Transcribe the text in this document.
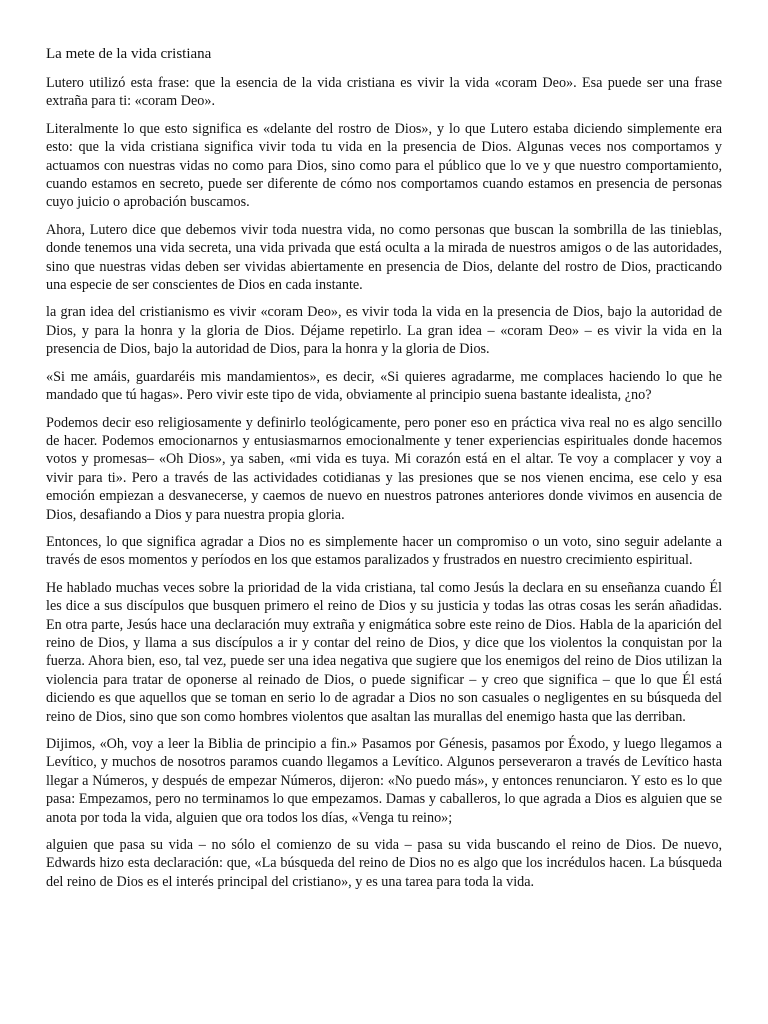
La mete de la vida cristiana

Lutero utilizó esta frase: que la esencia de la vida cristiana es vivir la vida «coram Deo». Esa puede ser una frase extraña para ti: «coram Deo».

Literalmente lo que esto significa es «delante del rostro de Dios», y lo que Lutero estaba diciendo simplemente era esto: que la vida cristiana significa vivir toda tu vida en la presencia de Dios. Algunas veces nos comportamos y actuamos con nuestras vidas no como para Dios, sino como para el público que lo ve y que nuestro comportamiento, cuando estamos en secreto, puede ser diferente de cómo nos comportamos cuando estamos en presencia de personas cuyo juicio o aprobación buscamos.

Ahora, Lutero dice que debemos vivir toda nuestra vida, no como personas que buscan la sombrilla de las tinieblas, donde tenemos una vida secreta, una vida privada que está oculta a la mirada de nuestros amigos o de las autoridades, sino que nuestras vidas deben ser vividas abiertamente en presencia de Dios, delante del rostro de Dios, practicando una especie de ser conscientes de Dios en cada instante.

la gran idea del cristianismo es vivir «coram Deo», es vivir toda la vida en la presencia de Dios, bajo la autoridad de Dios, y para la honra y la gloria de Dios. Déjame repetirlo. La gran idea – «coram Deo» – es vivir la vida en la presencia de Dios, bajo la autoridad de Dios, para la honra y la gloria de Dios.

«Si me amáis, guardaréis mis mandamientos», es decir, «Si quieres agradarme, me complaces haciendo lo que he mandado que tú hagas». Pero vivir este tipo de vida, obviamente al principio suena bastante idealista, ¿no?

Podemos decir eso religiosamente y definirlo teológicamente, pero poner eso en práctica viva real no es algo sencillo de hacer. Podemos emocionarnos y entusiasmarnos emocionalmente y tener experiencias espirituales donde hacemos votos y promesas– «Oh Dios», ya saben, «mi vida es tuya. Mi corazón está en el altar. Te voy a complacer y voy a vivir para ti». Pero a través de las actividades cotidianas y las presiones que se nos vienen encima, ese celo y esa emoción empiezan a desvanecerse, y caemos de nuevo en nuestros patrones anteriores donde vivimos en ausencia de Dios, desafiando a Dios y para nuestra propia gloria.

Entonces, lo que significa agradar a Dios no es simplemente hacer un compromiso o un voto, sino seguir adelante a través de esos momentos y períodos en los que estamos paralizados y frustrados en nuestro crecimiento espiritual.

He hablado muchas veces sobre la prioridad de la vida cristiana, tal como Jesús la declara en su enseñanza cuando Él les dice a sus discípulos que busquen primero el reino de Dios y su justicia y todas las otras cosas les serán añadidas. En otra parte, Jesús hace una declaración muy extraña y enigmática sobre este reino de Dios. Habla de la aparición del reino de Dios, y llama a sus discípulos a ir y contar del reino de Dios, y dice que los violentos la conquistan por la fuerza. Ahora bien, eso, tal vez, puede ser una idea negativa que sugiere que los enemigos del reino de Dios utilizan la violencia para tratar de oponerse al reinado de Dios, o puede significar – y creo que significa – que lo que Él está diciendo es que aquellos que se toman en serio lo de agradar a Dios no son casuales o negligentes en su búsqueda del reino de Dios, sino que son como hombres violentos que asaltan las murallas del enemigo hasta que las derriban.

Dijimos, «Oh, voy a leer la Biblia de principio a fin.» Pasamos por Génesis, pasamos por Éxodo, y luego llegamos a Levítico, y muchos de nosotros paramos cuando llegamos a Levítico. Algunos perseveraron a través de Levítico hasta llegar a Números, y después de empezar Números, dijeron: «No puedo más», y entonces renunciaron. Y esto es lo que pasa: Empezamos, pero no terminamos lo que empezamos. Damas y caballeros, lo que agrada a Dios es alguien que se anota por toda la vida, alguien que ora todos los días, «Venga tu reino»;

alguien que pasa su vida – no sólo el comienzo de su vida – pasa su vida buscando el reino de Dios. De nuevo, Edwards hizo esta declaración: que, «La búsqueda del reino de Dios no es algo que los incrédulos hacen. La búsqueda del reino de Dios es el interés principal del cristiano», y es una tarea para toda la vida.
